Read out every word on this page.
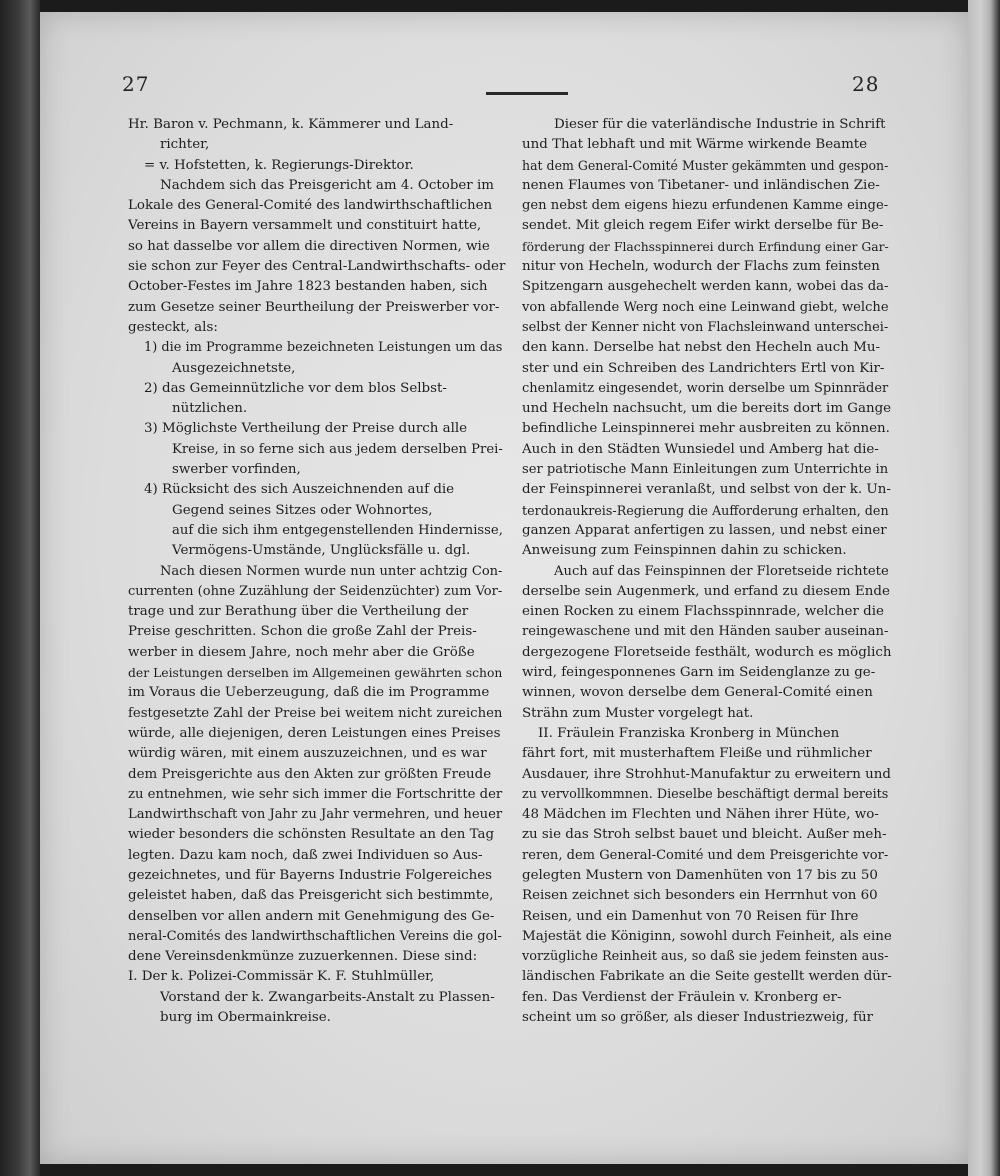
27	28
Hr. Baron v. Pechmann, k. Kämmerer und Land-
richter,
= v. Hofstetten, k. Regierungs-Direktor.
Nachdem sich das Preisgericht am 4. October im
Lokale des General-Comité des landwirthschaftlichen
Vereins in Bayern versammelt und constituirt hatte,
so hat dasselbe vor allem die directiven Normen, wie
sie schon zur Feyer des Central-Landwirthschafts- oder
October-Festes im Jahre 1823 bestanden haben, sich
zum Gesetze seiner Beurtheilung der Preiswerber vor-
gesteckt, als:
1) die im Programme bezeichneten Leistungen um das
Ausgezeichnetste,
2) das Gemeinnützliche vor dem blos Selbst-
nützlichen.
3) Möglichste Vertheilung der Preise durch alle
Kreise, in so ferne sich aus jedem derselben Prei-
swerber vorfinden,
4) Rücksicht des sich Auszeichnenden auf die
Gegend seines Sitzes oder Wohnortes,
auf die sich ihm entgegenstellenden Hindernisse,
Vermögens-Umstände, Unglücksfälle u. dgl.
Nach diesen Normen wurde nun unter achtzig Con-
currenten (ohne Zuzählung der Seidenzüchter) zum Vor-
trage und zur Berathung über die Vertheilung der
Preise geschritten. Schon die große Zahl der Preis-
werber in diesem Jahre, noch mehr aber die Größe
der Leistungen derselben im Allgemeinen gewährten schon
im Voraus die Ueberzeugung, daß die im Programme
festgesetzte Zahl der Preise bei weitem nicht zureichen
würde, alle diejenigen, deren Leistungen eines Preises
würdig wären, mit einem auszuzeichnen, und es war
dem Preisgerichte aus den Akten zur größten Freude
zu entnehmen, wie sehr sich immer die Fortschritte der
Landwirthschaft von Jahr zu Jahr vermehren, und heuer
wieder besonders die schönsten Resultate an den Tag
legten. Dazu kam noch, daß zwei Individuen so Aus-
gezeichnetes, und für Bayerns Industrie Folgereiches
geleistet haben, daß das Preisgericht sich bestimmte,
denselben vor allen andern mit Genehmigung des Ge-
neral-Comités des landwirthschaftlichen Vereins die gol-
dene Vereinsdenkmünze zuzuerkennen. Diese sind:
I. Der k. Polizei-Commissär K. F. Stuhlmüller,
Vorstand der k. Zwangarbeits-Anstalt zu Plassen-
burg im Obermainkreise.
Dieser für die vaterländische Industrie in Schrift
und That lebhaft und mit Wärme wirkende Beamte
hat dem General-Comité Muster gekämmten und gespon-
nenen Flaumes von Tibetaner- und inländischen Zie-
gen nebst dem eigens hiezu erfundenen Kamme einge-
sendet. Mit gleich regem Eifer wirkt derselbe für Be-
förderung der Flachsspinnerei durch Erfindung einer Gar-
nitur von Hecheln, wodurch der Flachs zum feinsten
Spitzengarn ausgehechelt werden kann, wobei das da-
von abfallende Werg noch eine Leinwand giebt, welche
selbst der Kenner nicht von Flachsleinwand unterschei-
den kann. Derselbe hat nebst den Hecheln auch Mu-
ster und ein Schreiben des Landrichters Ertl von Kir-
chenlamitz eingesendet, worin derselbe um Spinnräder
und Hecheln nachsucht, um die bereits dort im Gange
befindliche Leinspinnerei mehr ausbreiten zu können.
Auch in den Städten Wunsiedel und Amberg hat die-
ser patriotische Mann Einleitungen zum Unterrichte in
der Feinspinnerei veranlaßt, und selbst von der k. Un-
terdonaukreis-Regierung die Aufforderung erhalten, den
ganzen Apparat anfertigen zu lassen, und nebst einer
Anweisung zum Feinspinnen dahin zu schicken.
Auch auf das Feinspinnen der Floretseide richtete
derselbe sein Augenmerk, und erfand zu diesem Ende
einen Rocken zu einem Flachsspinnrade, welcher die
reingewaschene und mit den Händen sauber auseinan-
dergezogene Floretseide festhält, wodurch es möglich
wird, feingesponnenes Garn im Seidenglanze zu ge-
winnen, wovon derselbe dem General-Comité einen
Strähn zum Muster vorgelegt hat.
II. Fräulein Franziska Kronberg in München
fährt fort, mit musterhaftem Fleiße und rühmlicher
Ausdauer, ihre Strohhut-Manufaktur zu erweitern und
zu vervollkommnen. Dieselbe beschäftigt dermal bereits
48 Mädchen im Flechten und Nähen ihrer Hüte, wo-
zu sie das Stroh selbst bauet und bleicht. Außer meh-
reren, dem General-Comité und dem Preisgerichte vor-
gelegten Mustern von Damenhüten von 17 bis zu 50
Reisen zeichnet sich besonders ein Herrnhut von 60
Reisen, und ein Damenhut von 70 Reisen für Ihre
Majestät die Königinn, sowohl durch Feinheit, als eine
vorzügliche Reinheit aus, so daß sie jedem feinsten aus-
ländischen Fabrikate an die Seite gestellt werden dür-
fen. Das Verdienst der Fräulein v. Kronberg er-
scheint um so größer, als dieser Industriezweig, für
